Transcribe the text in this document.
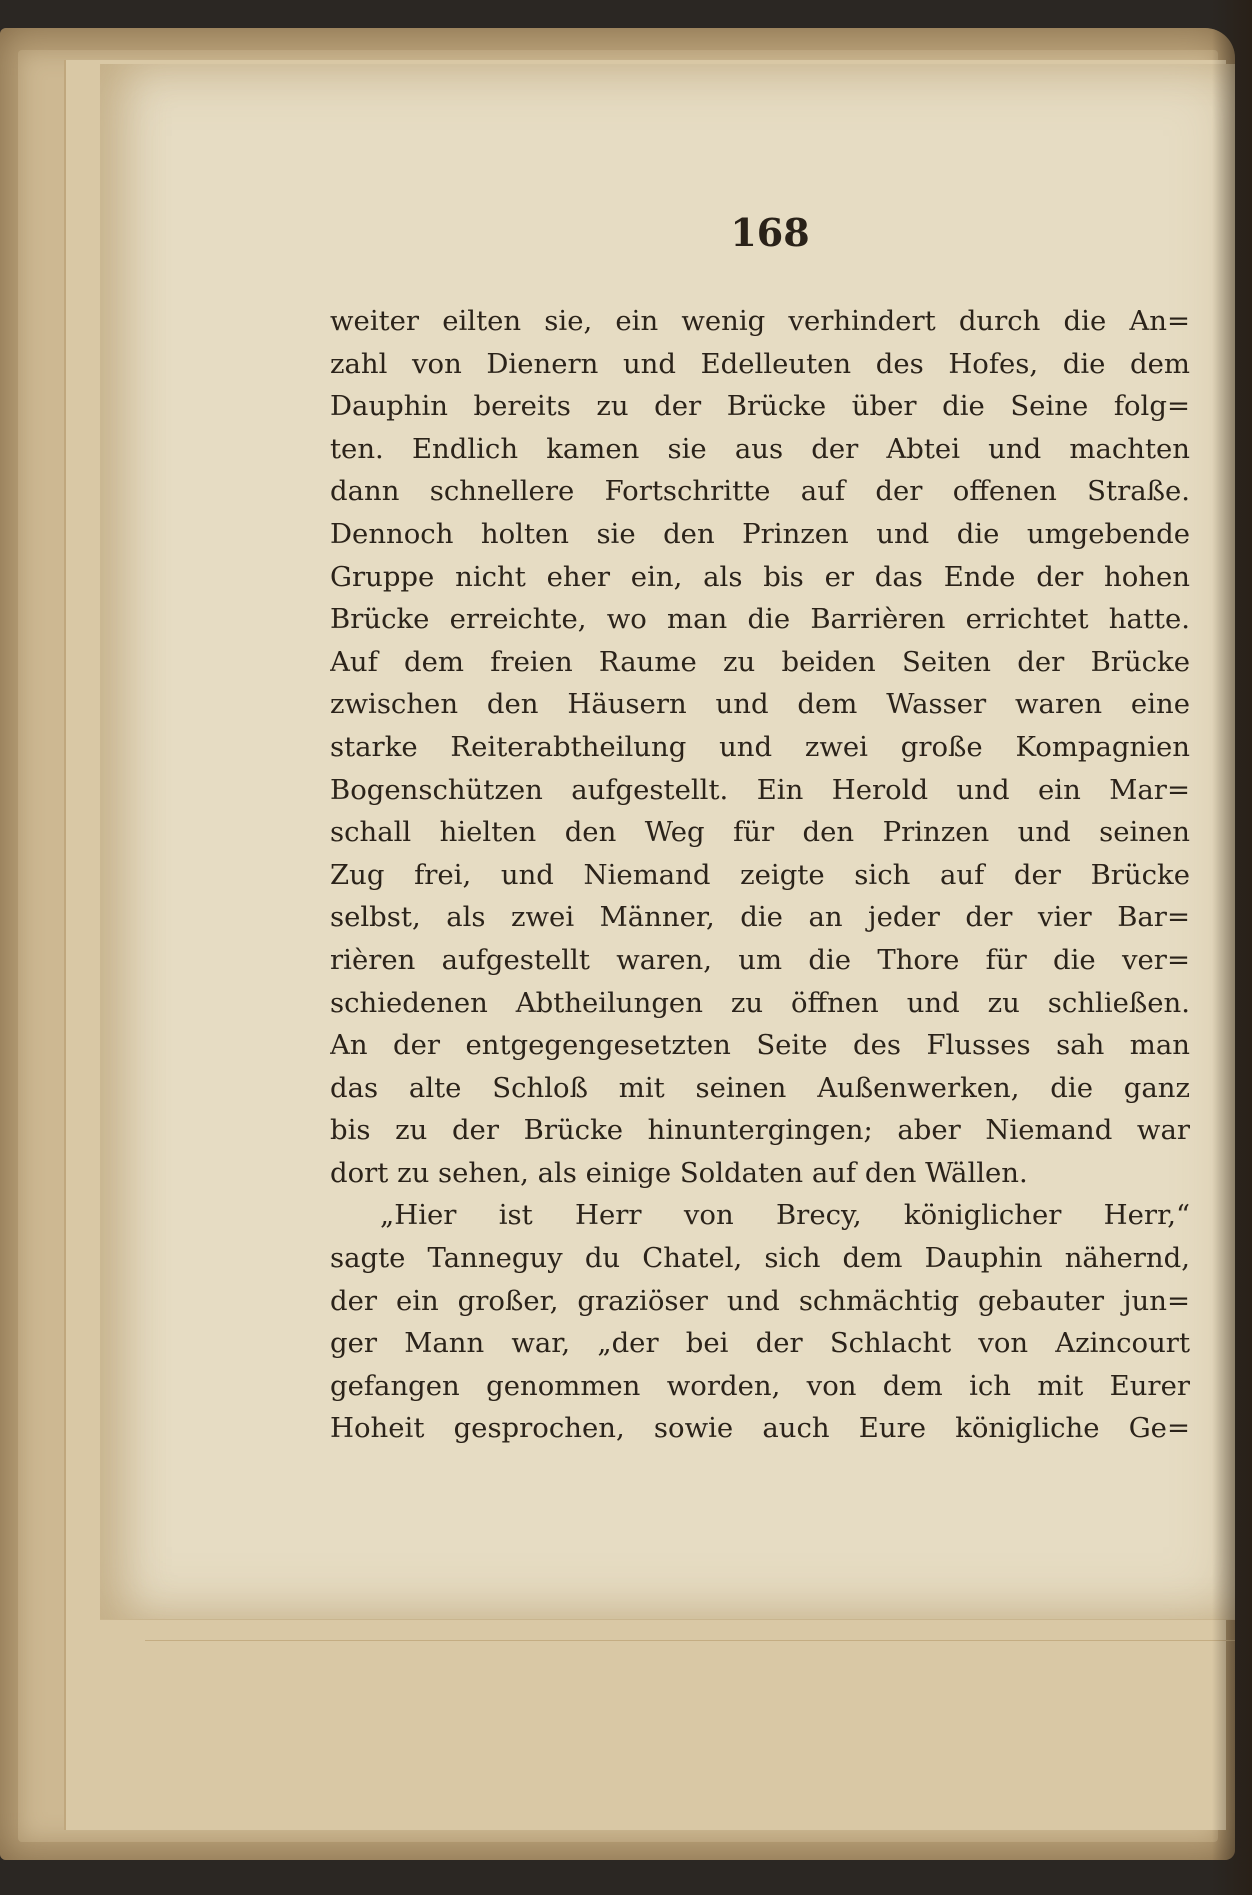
168
weiter eilten sie, ein wenig verhindert durch die An=
zahl von Dienern und Edelleuten des Hofes, die dem
Dauphin bereits zu der Brücke über die Seine folg=
ten. Endlich kamen sie aus der Abtei und machten
dann schnellere Fortschritte auf der offenen Straße.
Dennoch holten sie den Prinzen und die umgebende
Gruppe nicht eher ein, als bis er das Ende der hohen
Brücke erreichte, wo man die Barrièren errichtet hatte.
Auf dem freien Raume zu beiden Seiten der Brücke
zwischen den Häusern und dem Wasser waren eine
starke Reiterabtheilung und zwei große Kompagnien
Bogenschützen aufgestellt. Ein Herold und ein Mar=
schall hielten den Weg für den Prinzen und seinen
Zug frei, und Niemand zeigte sich auf der Brücke
selbst, als zwei Männer, die an jeder der vier Bar=
rièren aufgestellt waren, um die Thore für die ver=
schiedenen Abtheilungen zu öffnen und zu schließen.
An der entgegengesetzten Seite des Flusses sah man
das alte Schloß mit seinen Außenwerken, die ganz
bis zu der Brücke hinuntergingen; aber Niemand war
dort zu sehen, als einige Soldaten auf den Wällen.
„Hier ist Herr von Brecy, königlicher Herr,“
sagte Tanneguy du Chatel, sich dem Dauphin nähernd,
der ein großer, graziöser und schmächtig gebauter jun=
ger Mann war, „der bei der Schlacht von Azincourt
gefangen genommen worden, von dem ich mit Eurer
Hoheit gesprochen, sowie auch Eure königliche Ge=
